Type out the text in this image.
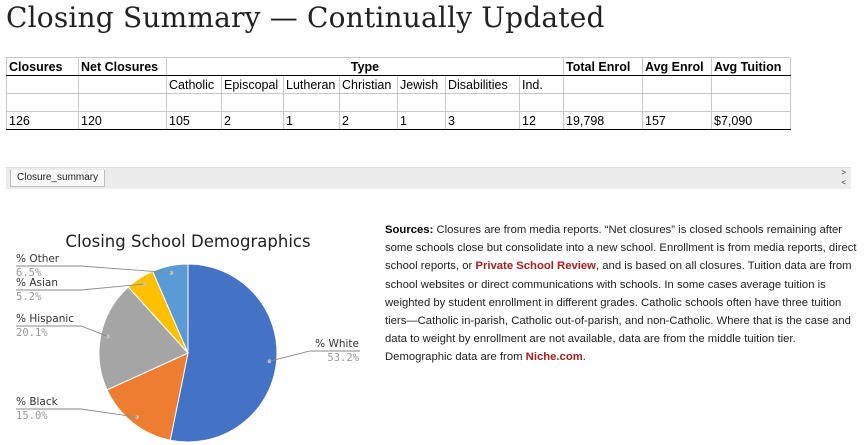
Closing Summary — Continually Updated
Closures	Net Closures	Type							Total Enrol	Avg Enrol	Avg Tuition
		Catholic	Episcopal	Lutheran	Christian	Jewish	Disabilities	Ind.			

126	120	105	2	1	2	1	3	12	19,798	157	$7,090
Closure_summary	>
<
Closing School Demographics
% White
53.2%
% Black
15.0%
% Hispanic
20.1%
% Asian
5.2%
% Other
6.5%

Sources: Closures are from media reports. “Net closures” is closed schools remaining after some schools close but consolidate into a new school. Enrollment is from media reports, direct school reports, or Private School Review, and is based on all closures. Tuition data are from school websites or direct communications with schools. In some cases average tuition is weighted by student enrollment in different grades. Catholic schools often have three tuition tiers—Catholic in-parish, Catholic out-of-parish, and non-Catholic. Where that is the case and data to weight by enrollment are not available, data are from the middle tuition tier. Demographic data are from Niche.com.
